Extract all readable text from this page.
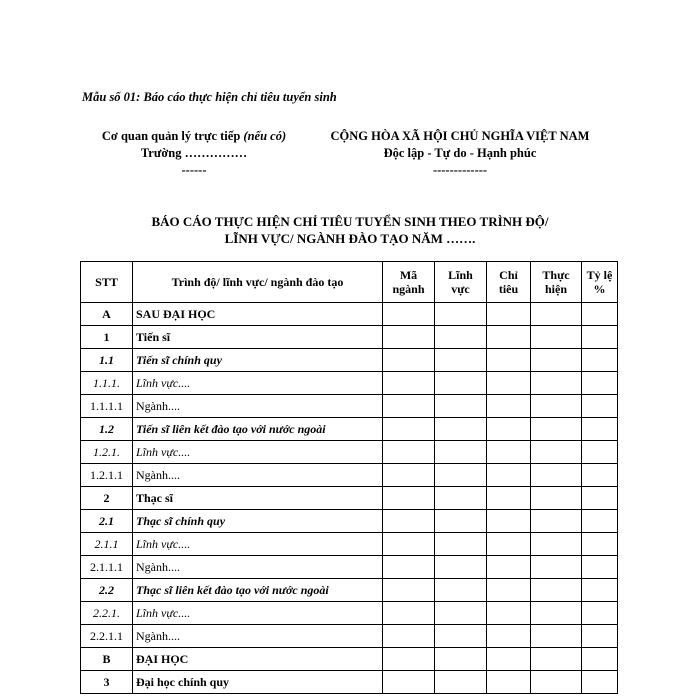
Mẫu số 01: Báo cáo thực hiện chỉ tiêu tuyển sinh
Cơ quan quản lý trực tiếp (nếu có)
Trường ……………
------
CỘNG HÒA XÃ HỘI CHỦ NGHĨA VIỆT NAM
Độc lập - Tự do - Hạnh phúc
-------------
BÁO CÁO THỰC HIỆN CHỈ TIÊU TUYỂN SINH THEO TRÌNH ĐỘ/
LĨNH VỰC/ NGÀNH ĐÀO TẠO NĂM …….
STT	Trình độ/ lĩnh vực/ ngành đào tạo	Mã ngành	Lĩnh vực	Chỉ tiêu	Thực hiện	Tỷ lệ %
A	SAU ĐẠI HỌC					
1	Tiến sĩ					
1.1	Tiến sĩ chính quy					
1.1.1.	Lĩnh vực....					
1.1.1.1	Ngành....					
1.2	Tiến sĩ liên kết đào tạo với nước ngoài					
1.2.1.	Lĩnh vực....					
1.2.1.1	Ngành....					
2	Thạc sĩ					
2.1	Thạc sĩ chính quy					
2.1.1	Lĩnh vực....					
2.1.1.1	Ngành....					
2.2	Thạc sĩ liên kết đào tạo với nước ngoài					
2.2.1.	Lĩnh vực....					
2.2.1.1	Ngành....					
B	ĐẠI HỌC					
3	Đại học chính quy					
